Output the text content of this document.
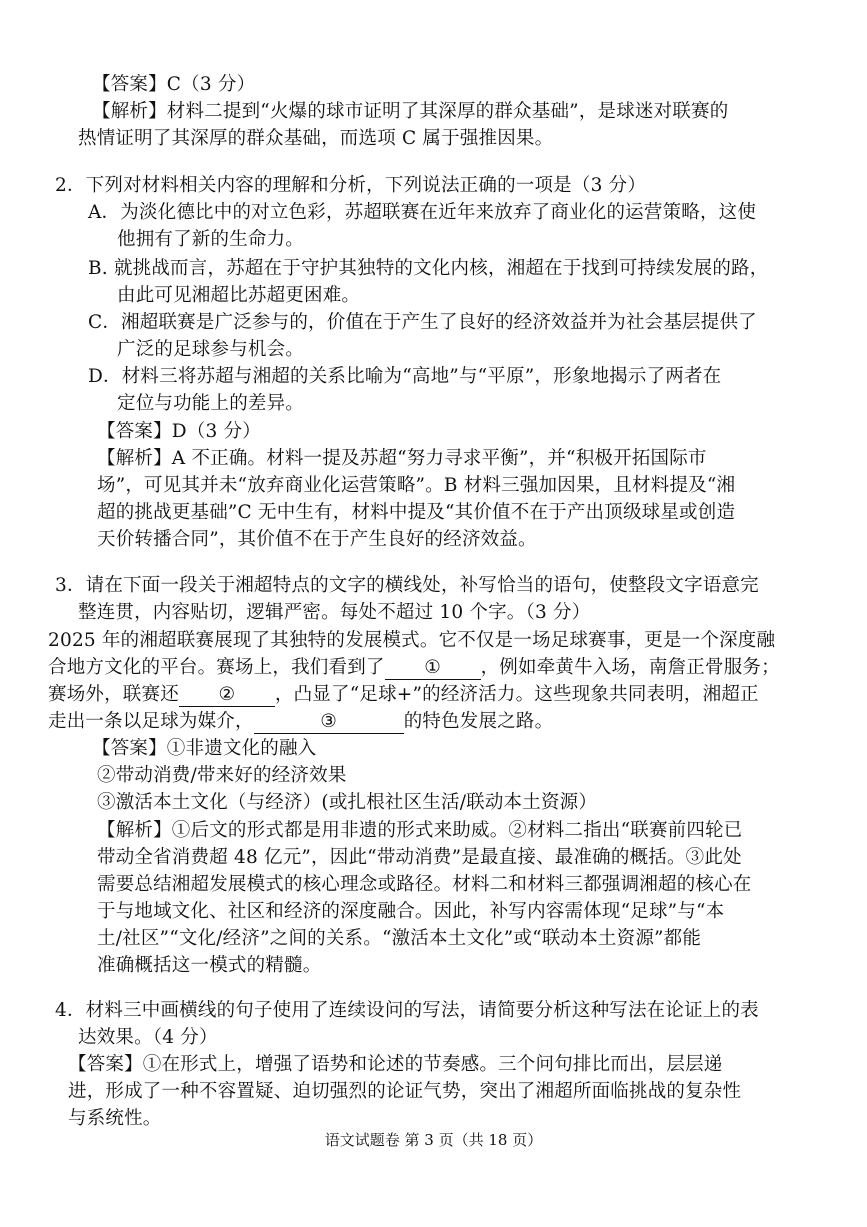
【答案】C（3 分）
【解析】材料二提到“火爆的球市证明了其深厚的群众基础”，是球迷对联赛的
热情证明了其深厚的群众基础，而选项 C 属于强推因果。
2．下列对材料相关内容的理解和分析，下列说法正确的一项是（3 分）
A．为淡化德比中的对立色彩，苏超联赛在近年来放弃了商业化的运营策略，这使
他拥有了新的生命力。
B. 就挑战而言，苏超在于守护其独特的文化内核，湘超在于找到可持续发展的路，
由此可见湘超比苏超更困难。
C．湘超联赛是广泛参与的，价值在于产生了良好的经济效益并为社会基层提供了
广泛的足球参与机会。
D．材料三将苏超与湘超的关系比喻为“高地”与“平原”，形象地揭示了两者在
定位与功能上的差异。
【答案】D（3 分）
【解析】A 不正确。材料一提及苏超“努力寻求平衡”，并“积极开拓国际市
场”，可见其并未“放弃商业化运营策略”。B 材料三强加因果，且材料提及“湘
超的挑战更基础”C 无中生有，材料中提及“其价值不在于产出顶级球星或创造
天价转播合同”，其价值不在于产生良好的经济效益。
3．请在下面一段关于湘超特点的文字的横线处，补写恰当的语句，使整段文字语意完
整连贯，内容贴切，逻辑严密。每处不超过 10 个字。（3 分）
2025 年的湘超联赛展现了其独特的发展模式。它不仅是一场足球赛事，更是一个深度融
合地方文化的平台。赛场上，我们看到了 ① ，例如牵黄牛入场，南詹正骨服务；
赛场外，联赛还 ② ，凸显了“足球+”的经济活力。这些现象共同表明，湘超正
走出一条以足球为媒介，	③	的特色发展之路。
【答案】①非遗文化的融入
②带动消费/带来好的经济效果
③激活本土文化（与经济）(或扎根社区生活/联动本土资源）
【解析】①后文的形式都是用非遗的形式来助威。②材料二指出“联赛前四轮已
带动全省消费超 48 亿元”，因此“带动消费”是最直接、最准确的概括。③此处
需要总结湘超发展模式的核心理念或路径。材料二和材料三都强调湘超的核心在
于与地域文化、社区和经济的深度融合。因此，补写内容需体现“足球”与“本
土/社区”“文化/经济”之间的关系。“激活本土文化”或“联动本土资源”都能
准确概括这一模式的精髓。
4．材料三中画横线的句子使用了连续设问的写法，请简要分析这种写法在论证上的表
达效果。（4 分）
【答案】①在形式上，增强了语势和论述的节奏感。三个问句排比而出，层层递
进，形成了一种不容置疑、迫切强烈的论证气势，突出了湘超所面临挑战的复杂性
与系统性。
语文试题卷 第 3 页（共 18 页）
